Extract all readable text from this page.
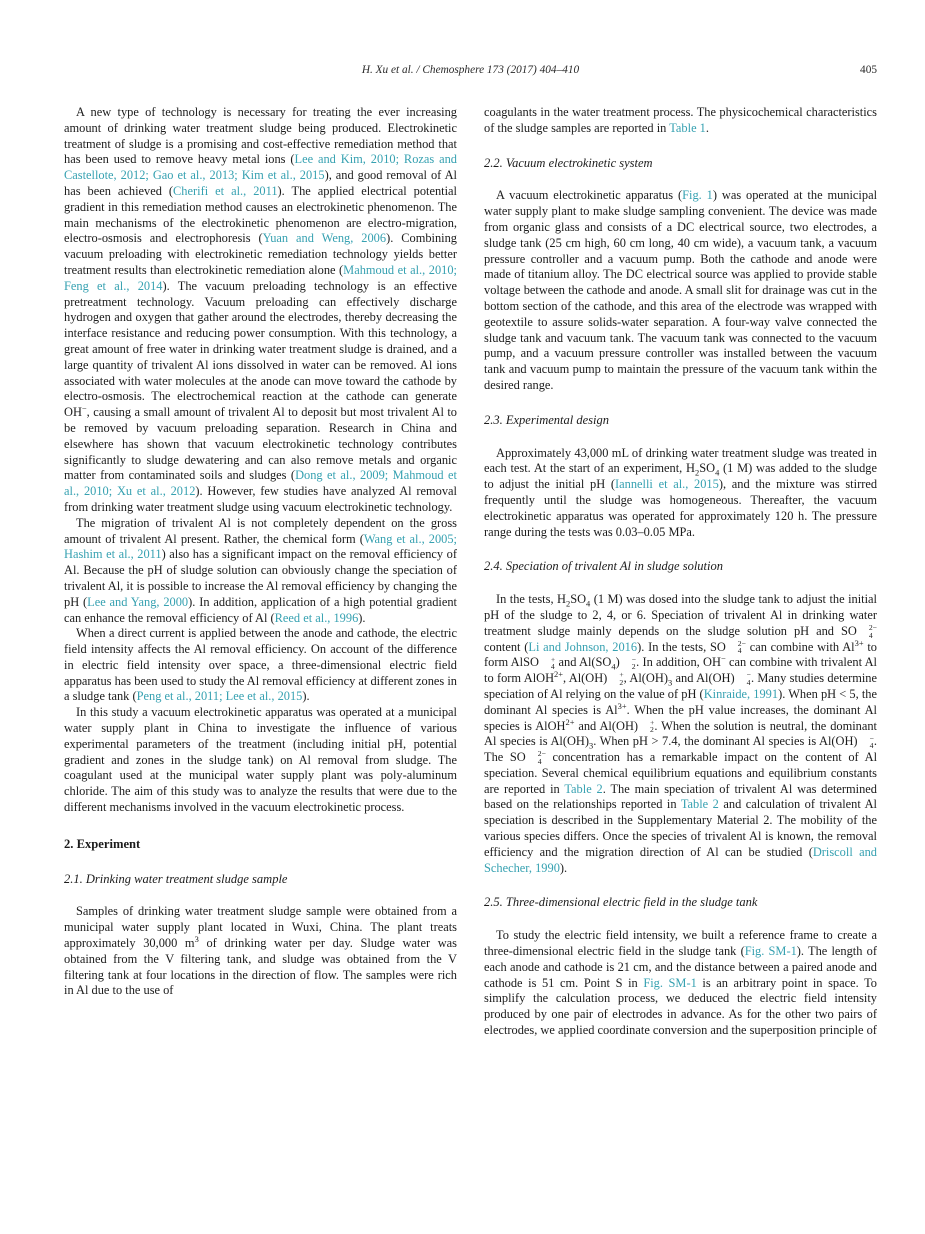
H. Xu et al. / Chemosphere 173 (2017) 404–410	405

A new type of technology is necessary for treating the ever increasing amount of drinking water treatment sludge being produced. Electrokinetic treatment of sludge is a promising and cost-effective remediation method that has been used to remove heavy metal ions (Lee and Kim, 2010; Rozas and Castellote, 2012; Gao et al., 2013; Kim et al., 2015), and good removal of Al has been achieved (Cherifi et al., 2011). The applied electrical potential gradient in this remediation method causes an electrokinetic phenomenon. The main mechanisms of the electrokinetic phenomenon are electro-migration, electro-osmosis and electrophoresis (Yuan and Weng, 2006). Combining vacuum preloading with electrokinetic remediation technology yields better treatment results than electrokinetic remediation alone (Mahmoud et al., 2010; Feng et al., 2014). The vacuum preloading technology is an effective pretreatment technology. Vacuum preloading can effectively discharge hydrogen and oxygen that gather around the electrodes, thereby decreasing the interface resistance and reducing power consumption. With this technology, a great amount of free water in drinking water treatment sludge is drained, and a large quantity of trivalent Al ions dissolved in water can be removed. Al ions associated with water molecules at the anode can move toward the cathode by electro-osmosis. The electrochemical reaction at the cathode can generate OH−, causing a small amount of trivalent Al to deposit but most trivalent Al to be removed by vacuum preloading separation. Research in China and elsewhere has shown that vacuum electrokinetic technology contributes significantly to sludge dewatering and can also remove metals and organic matter from contaminated soils and sludges (Dong et al., 2009; Mahmoud et al., 2010; Xu et al., 2012). However, few studies have analyzed Al removal from drinking water treatment sludge using vacuum electrokinetic technology.

The migration of trivalent Al is not completely dependent on the gross amount of trivalent Al present. Rather, the chemical form (Wang et al., 2005; Hashim et al., 2011) also has a significant impact on the removal efficiency of Al. Because the pH of sludge solution can obviously change the speciation of trivalent Al, it is possible to increase the Al removal efficiency by changing the pH (Lee and Yang, 2000). In addition, application of a high potential gradient can enhance the removal efficiency of Al (Reed et al., 1996).

When a direct current is applied between the anode and cathode, the electric field intensity affects the Al removal efficiency. On account of the difference in electric field intensity over space, a three-dimensional electric field apparatus has been used to study the Al removal efficiency at different zones in a sludge tank (Peng et al., 2011; Lee et al., 2015).

In this study a vacuum electrokinetic apparatus was operated at a municipal water supply plant in China to investigate the influence of various experimental parameters of the treatment (including initial pH, potential gradient and zones in the sludge tank) on Al removal from sludge. The coagulant used at the municipal water supply plant was poly-aluminum chloride. The aim of this study was to analyze the results that were due to the different mechanisms involved in the vacuum electrokinetic process.

2. Experiment
2.1. Drinking water treatment sludge sample

Samples of drinking water treatment sludge sample were obtained from a municipal water supply plant located in Wuxi, China. The plant treats approximately 30,000 $m^3$ of drinking water per day. Sludge water was obtained from the V filtering tank, and sludge was obtained from the V filtering tank at four locations in the direction of flow. The samples were rich in Al due to the use of

coagulants in the water treatment process. The physicochemical characteristics of the sludge samples are reported in Table 1.

2.2. Vacuum electrokinetic system

A vacuum electrokinetic apparatus (Fig. 1) was operated at the municipal water supply plant to make sludge sampling convenient. The device was made from organic glass and consists of a DC electrical source, two electrodes, a sludge tank (25 cm high, 60 cm long, 40 cm wide), a vacuum tank, a vacuum pressure controller and a vacuum pump. Both the cathode and anode were made of titanium alloy. The DC electrical source was applied to provide stable voltage between the cathode and anode. A small slit for drainage was cut in the bottom section of the cathode, and this area of the electrode was wrapped with geotextile to assure solids-water separation. A four-way valve connected the sludge tank and vacuum tank. The vacuum tank was connected to the vacuum pump, and a vacuum pressure controller was installed between the vacuum tank and vacuum pump to maintain the pressure of the vacuum tank within the desired range.

2.3. Experimental design

Approximately 43,000 mL of drinking water treatment sludge was treated in each test. At the start of an experiment, $H_2SO_4$ (1 M) was added to the sludge to adjust the initial pH (Iannelli et al., 2015), and the mixture was stirred frequently until the sludge was homogeneous. Thereafter, the vacuum electrokinetic apparatus was operated for approximately 120 h. The pressure range during the tests was 0.03–0.05 MPa.

2.4. Speciation of trivalent Al in sludge solution

In the tests, $H_2SO_4$ (1 M) was dosed into the sludge tank to adjust the initial pH of the sludge to 2, 4, or 6. Speciation of trivalent Al in drinking water treatment sludge mainly depends on the sludge solution pH and SO	2−
4
content (Li and Johnson, 2016). In the tests, SO	2−
4 can combine with $Al^{3+}$ to form AlSO	+
4 and $Al(SO_4)$	−
2 . In addition, OH− can combine with trivalent Al to form AlOH$^{2+}$, Al(OH)	+
2 , $Al(OH)_3$ and Al(OH)	−
4 . Many studies determine speciation of Al relying on the value of pH (Kinraide, 1991). When pH < 5, the dominant Al species is $Al^{3+}$. When the pH value increases, the dominant Al species is AlOH$^{2+}$ and Al(OH)	+
2 . When the solution is neutral, the dominant Al species is $Al(OH)_3$. When pH > 7.4, the dominant Al species is Al(OH)	−
4 . The SO	2−
4 concentration has a remarkable impact on the content of Al speciation. Several chemical equilibrium equations and equilibrium constants are reported in Table 2. The main speciation of trivalent Al was determined based on the relationships reported in Table 2 and calculation of trivalent Al speciation is described in the Supplementary Material 2. The mobility of the various species differs. Once the species of trivalent Al is known, the removal efficiency and the migration direction of Al can be studied (Driscoll and Schecher, 1990).

2.5. Three-dimensional electric field in the sludge tank

To study the electric field intensity, we built a reference frame to create a three-dimensional electric field in the sludge tank (Fig. SM-1). The length of each anode and cathode is 21 cm, and the distance between a paired anode and cathode is 51 cm. Point S in Fig. SM-1 is an arbitrary point in space. To simplify the calculation process, we deduced the electric field intensity produced by one pair of electrodes in advance. As for the other two pairs of electrodes, we applied coordinate conversion and the superposition principle of
